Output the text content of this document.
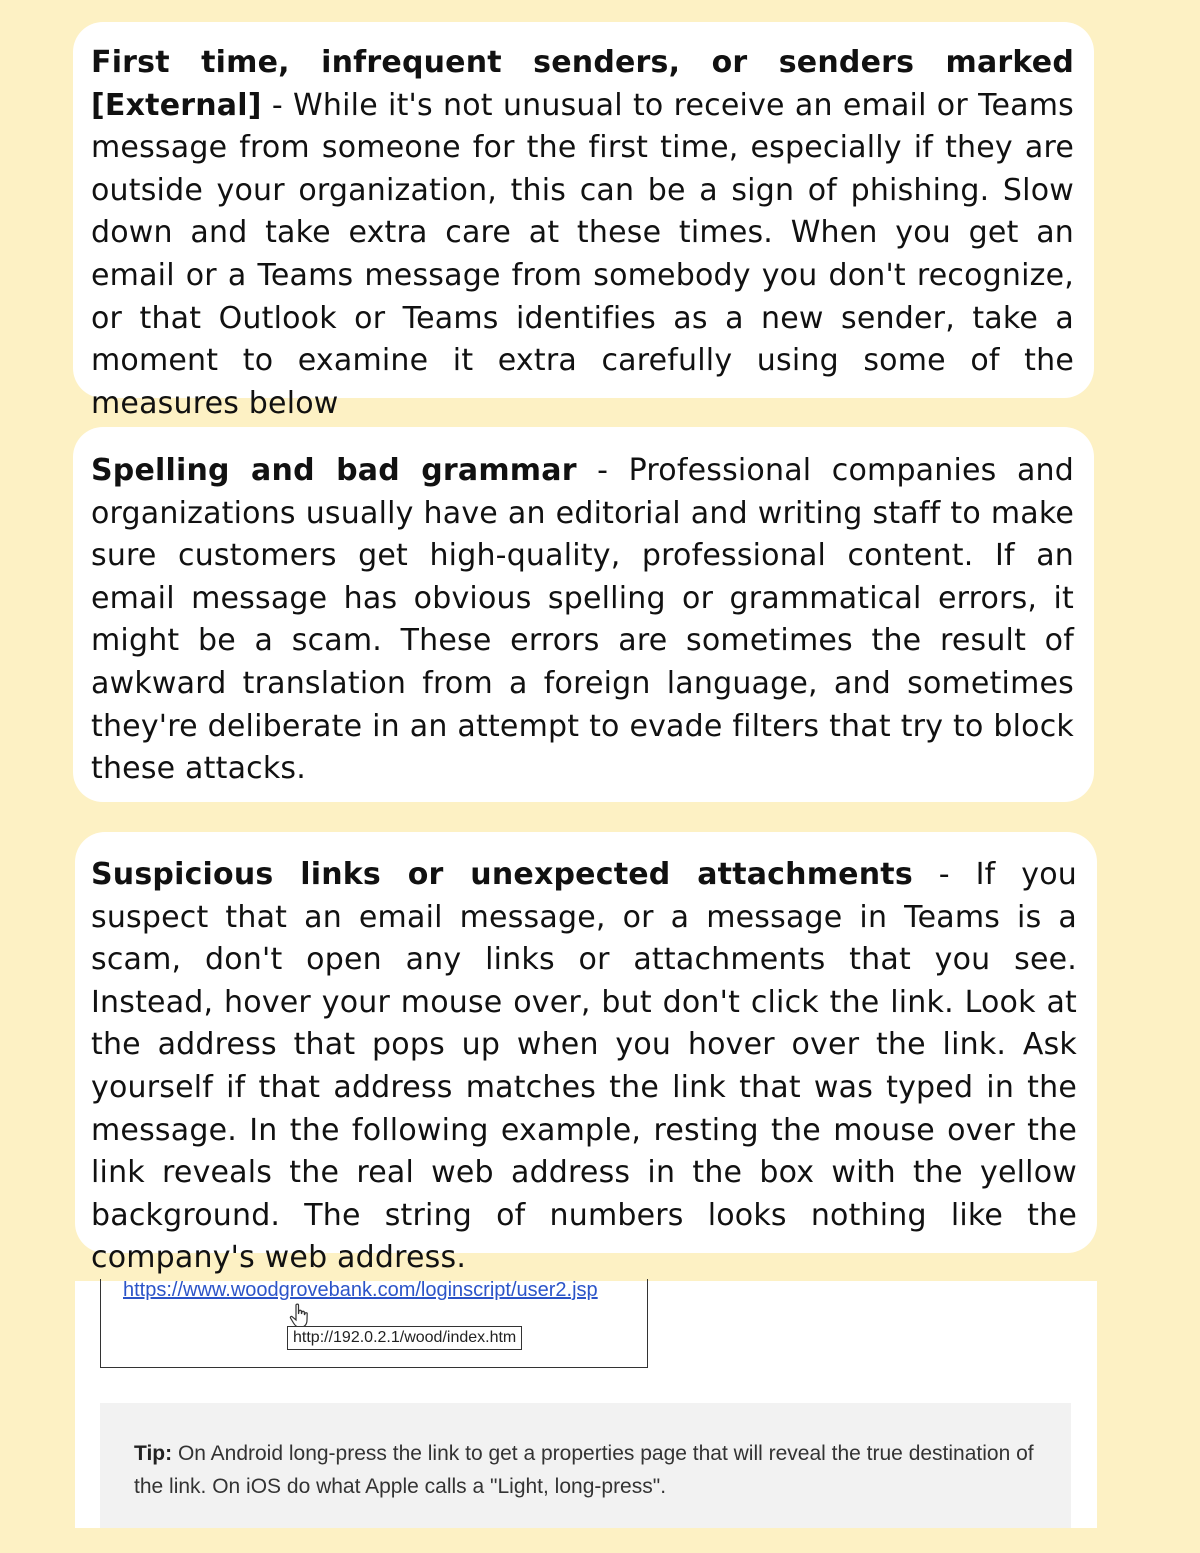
First time, infrequent senders, or senders marked [External] - While it's not unusual to receive an email or Teams message from someone for the first time, especially if they are outside your organization, this can be a sign of phishing. Slow down and take extra care at these times. When you get an email or a Teams message from somebody you don't recognize, or that Outlook or Teams identifies as a new sender, take a moment to examine it extra carefully using some of the measures below

Spelling and bad grammar - Professional companies and organizations usually have an editorial and writing staff to make sure customers get high-quality, professional content. If an email message has obvious spelling or grammatical errors, it might be a scam. These errors are sometimes the result of awkward translation from a foreign language, and sometimes they're deliberate in an attempt to evade filters that try to block these attacks.

Suspicious links or unexpected attachments - If you suspect that an email message, or a message in Teams is a scam, don't open any links or attachments that you see. Instead, hover your mouse over, but don't click the link. Look at the address that pops up when you hover over the link. Ask yourself if that address matches the link that was typed in the message. In the following example, resting the mouse over the link reveals the real web address in the box with the yellow background. The string of numbers looks nothing like the company's web address.

https://www.woodgrovebank.com/loginscript/user2.jsp
http://192.0.2.1/wood/index.htm
Tip: On Android long-press the link to get a properties page that will reveal the true destination of the link. On iOS do what Apple calls a "Light, long-press".
